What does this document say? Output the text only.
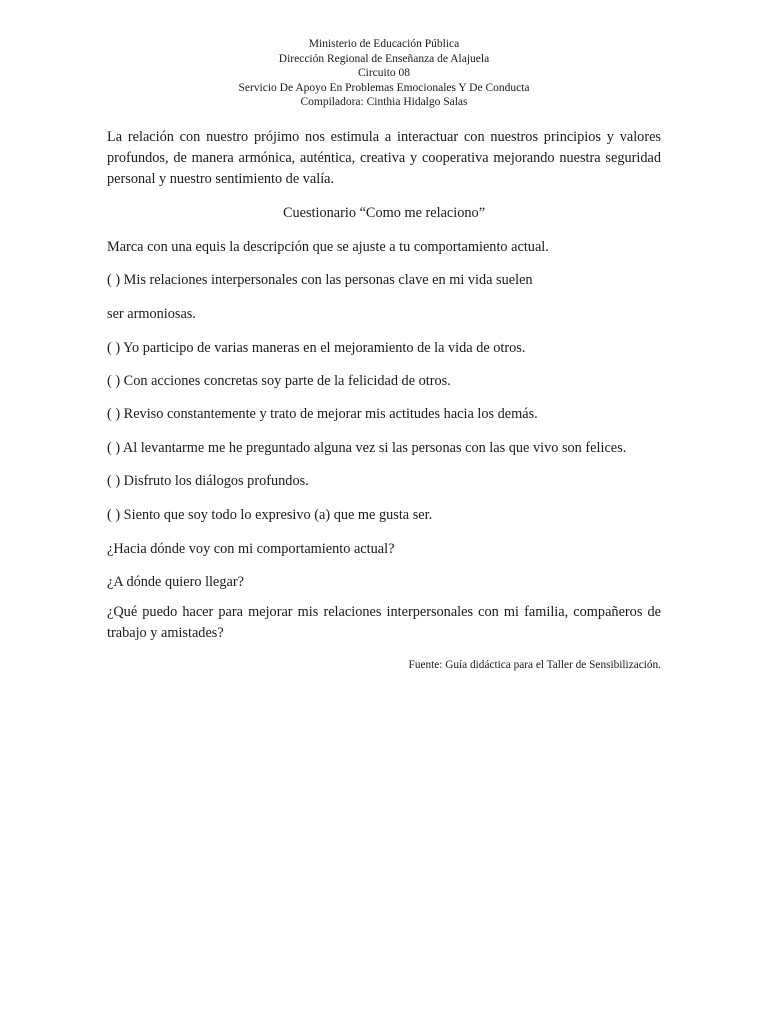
Ministerio de Educación Pública
Dirección Regional de Enseñanza de Alajuela
Circuito 08
Servicio De Apoyo En Problemas Emocionales Y De Conducta
Compiladora: Cinthia Hidalgo Salas
La relación con nuestro prójimo nos estimula a interactuar con nuestros principios y valores profundos, de manera armónica, auténtica, creativa y cooperativa mejorando nuestra seguridad personal y nuestro sentimiento de valía.
Cuestionario “Como me relaciono”
Marca con una equis la descripción que se ajuste a tu comportamiento actual.
( ) Mis relaciones interpersonales con las personas clave en mi vida suelen
ser armoniosas.
( ) Yo participo de varias maneras en el mejoramiento de la vida de otros.
( ) Con acciones concretas soy parte de la felicidad de otros.
( ) Reviso constantemente y trato de mejorar mis actitudes hacia los demás.
( ) Al levantarme me he preguntado alguna vez si las personas con las que vivo son felices.
( ) Disfruto los diálogos profundos.
( ) Siento que soy todo lo expresivo (a) que me gusta ser.
¿Hacia dónde voy con mi comportamiento actual?
¿A dónde quiero llegar?
¿Qué puedo hacer para mejorar mis relaciones interpersonales con mi familia, compañeros de trabajo y amistades?
Fuente: Guía didáctica para el Taller de Sensibilización.
